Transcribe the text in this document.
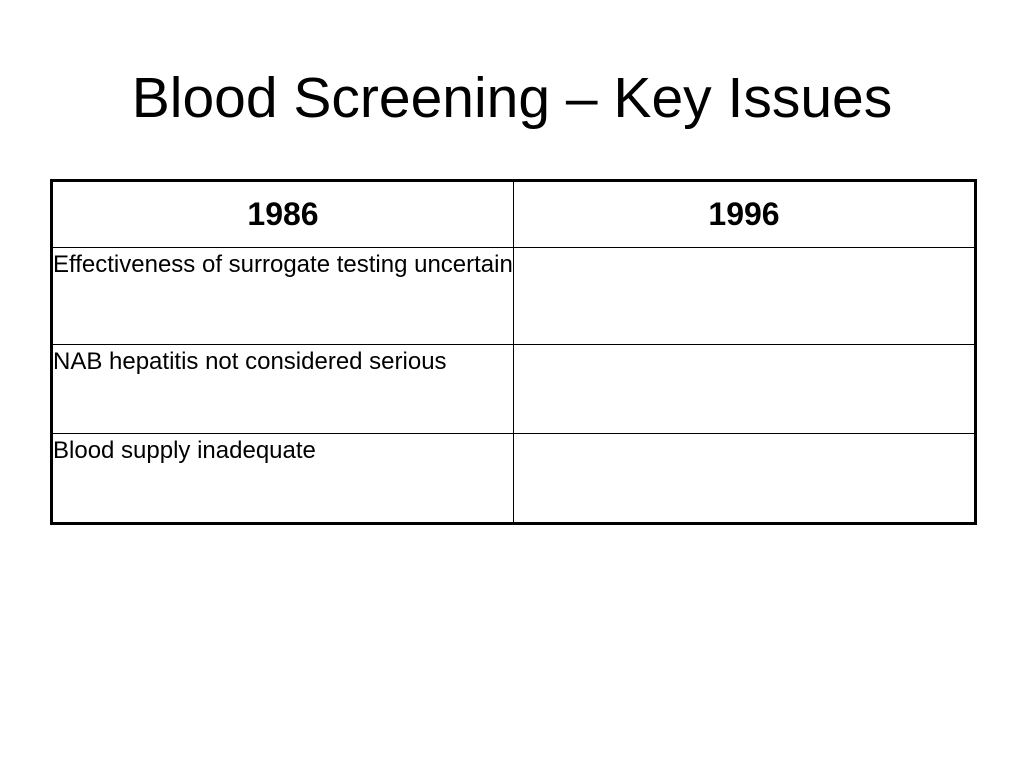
Blood Screening – Key Issues
1986	1996
Effectiveness of surrogate testing uncertain	
NAB hepatitis not considered serious	
Blood supply inadequate	
